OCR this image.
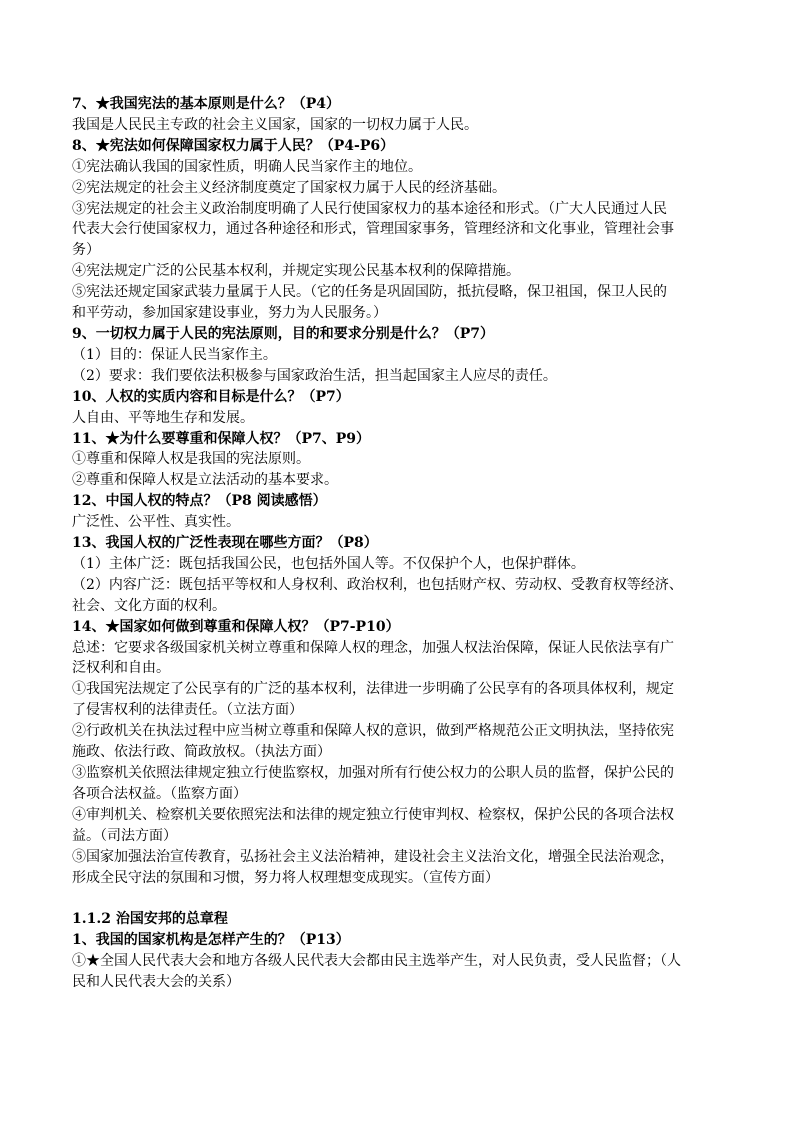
7、★我国宪法的基本原则是什么？（P4）
我国是人民民主专政的社会主义国家，国家的一切权力属于人民。
8、★宪法如何保障国家权力属于人民？（P4-P6）
①宪法确认我国的国家性质，明确人民当家作主的地位。
②宪法规定的社会主义经济制度奠定了国家权力属于人民的经济基础。
③宪法规定的社会主义政治制度明确了人民行使国家权力的基本途径和形式。（广大人民通过人民
代表大会行使国家权力，通过各种途径和形式，管理国家事务，管理经济和文化事业，管理社会事
务）
④宪法规定广泛的公民基本权利，并规定实现公民基本权利的保障措施。
⑤宪法还规定国家武装力量属于人民。（它的任务是巩固国防，抵抗侵略，保卫祖国，保卫人民的
和平劳动，参加国家建设事业，努力为人民服务。）
9、一切权力属于人民的宪法原则，目的和要求分别是什么？（P7）
（1）目的：保证人民当家作主。
（2）要求：我们要依法积极参与国家政治生活，担当起国家主人应尽的责任。
10、人权的实质内容和目标是什么？（P7）
人自由、平等地生存和发展。
11、★为什么要尊重和保障人权？（P7、P9）
①尊重和保障人权是我国的宪法原则。
②尊重和保障人权是立法活动的基本要求。
12、中国人权的特点？（P8 阅读感悟）
广泛性、公平性、真实性。
13、我国人权的广泛性表现在哪些方面？（P8）
（1）主体广泛：既包括我国公民，也包括外国人等。不仅保护个人，也保护群体。
（2）内容广泛：既包括平等权和人身权利、政治权利，也包括财产权、劳动权、受教育权等经济、
社会、文化方面的权利。
14、★国家如何做到尊重和保障人权？（P7-P10）
总述：它要求各级国家机关树立尊重和保障人权的理念，加强人权法治保障，保证人民依法享有广
泛权利和自由。
①我国宪法规定了公民享有的广泛的基本权利，法律进一步明确了公民享有的各项具体权利，规定
了侵害权利的法律责任。（立法方面）
②行政机关在执法过程中应当树立尊重和保障人权的意识，做到严格规范公正文明执法，坚持依宪
施政、依法行政、简政放权。（执法方面）
③监察机关依照法律规定独立行使监察权，加强对所有行使公权力的公职人员的监督，保护公民的
各项合法权益。（监察方面）
④审判机关、检察机关要依照宪法和法律的规定独立行使审判权、检察权，保护公民的各项合法权
益。（司法方面）
⑤国家加强法治宣传教育，弘扬社会主义法治精神，建设社会主义法治文化，增强全民法治观念，
形成全民守法的氛围和习惯，努力将人权理想变成现实。（宣传方面）
1.1.2 治国安邦的总章程
1、我国的国家机构是怎样产生的？（P13）
①★全国人民代表大会和地方各级人民代表大会都由民主选举产生，对人民负责，受人民监督；（人
民和人民代表大会的关系）
